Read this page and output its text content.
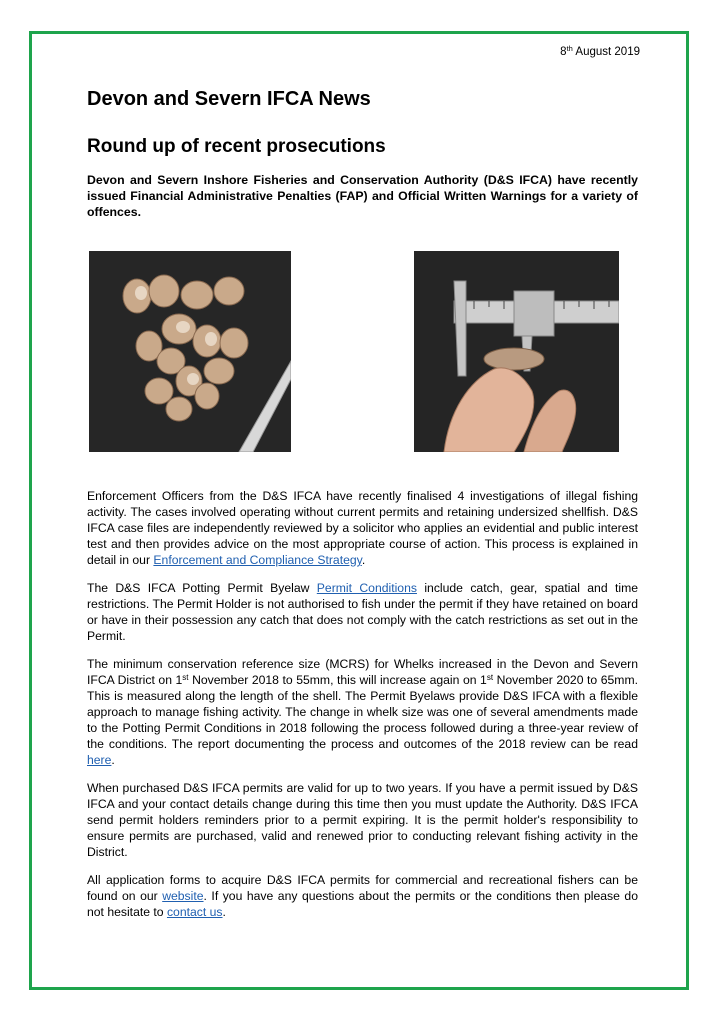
8th August 2019
Devon and Severn IFCA News
Round up of recent prosecutions

Devon and Severn Inshore Fisheries and Conservation Authority (D&S IFCA) have recently issued Financial Administrative Penalties (FAP) and Official Written Warnings for a variety of offences.

Enforcement Officers from the D&S IFCA have recently finalised 4 investigations of illegal fishing activity. The cases involved operating without current permits and retaining undersized shellfish. D&S IFCA case files are independently reviewed by a solicitor who applies an evidential and public interest test and then provides advice on the most appropriate course of action. This process is explained in detail in our Enforcement and Compliance Strategy.

The D&S IFCA Potting Permit Byelaw Permit Conditions include catch, gear, spatial and time restrictions. The Permit Holder is not authorised to fish under the permit if they have retained on board or have in their possession any catch that does not comply with the catch restrictions as set out in the Permit.

The minimum conservation reference size (MCRS) for Whelks increased in the Devon and Severn IFCA District on 1st November 2018 to 55mm, this will increase again on 1st November 2020 to 65mm. This is measured along the length of the shell. The Permit Byelaws provide D&S IFCA with a flexible approach to manage fishing activity. The change in whelk size was one of several amendments made to the Potting Permit Conditions in 2018 following the process followed during a three-year review of the conditions. The report documenting the process and outcomes of the 2018 review can be read here.

When purchased D&S IFCA permits are valid for up to two years. If you have a permit issued by D&S IFCA and your contact details change during this time then you must update the Authority. D&S IFCA send permit holders reminders prior to a permit expiring. It is the permit holder's responsibility to ensure permits are purchased, valid and renewed prior to conducting relevant fishing activity in the District.

All application forms to acquire D&S IFCA permits for commercial and recreational fishers can be found on our website. If you have any questions about the permits or the conditions then please do not hesitate to contact us.
